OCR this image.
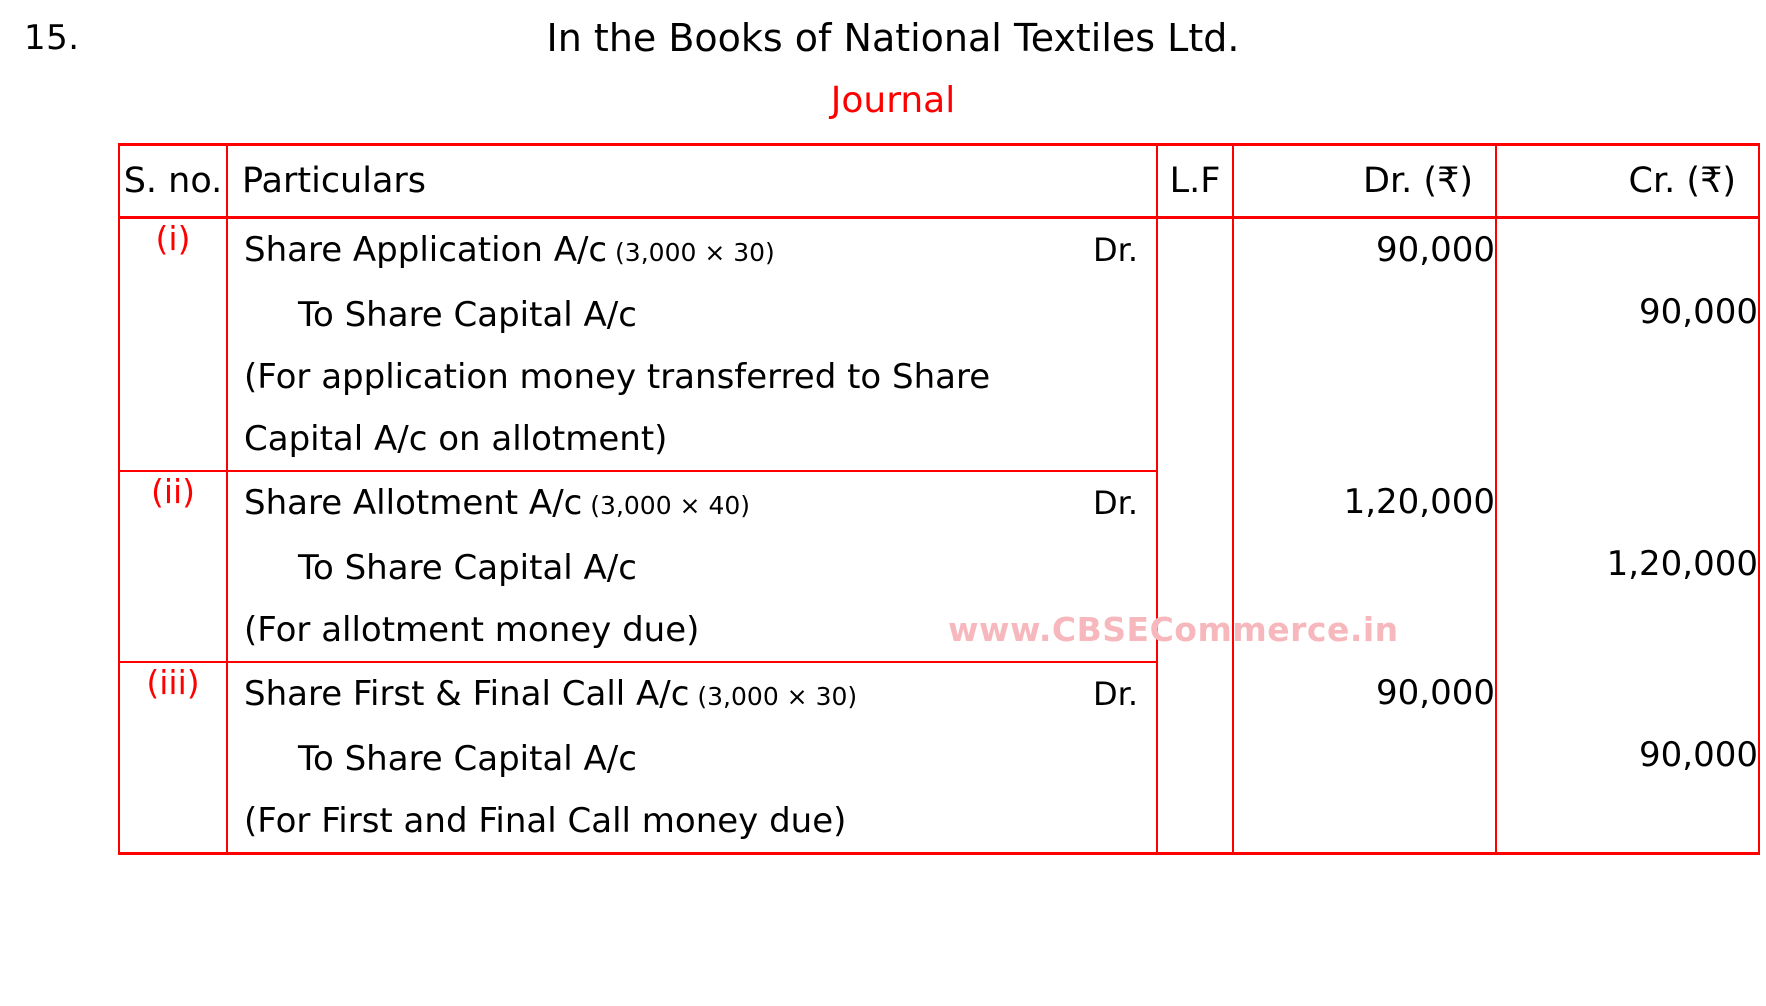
15.	In the Books of National Textiles Ltd.
Journal
S. no.	Particulars	L.F	Dr. (₹)	Cr. (₹)
(i)	Share Application A/c (3,000 × 30) Dr.
To Share Capital A/c
(For application money transferred to Share
Capital A/c on allotment)		90,000	90,000

(ii)	Share Allotment A/c (3,000 × 40) Dr.
To Share Capital A/c
(For allotment money due)		1,20,000	1,20,000

(iii)	Share First & Final Call A/c (3,000 × 30) Dr.
To Share Capital A/c
(For First and Final Call money due)		90,000	90,000
www.CBSECommerce.in
